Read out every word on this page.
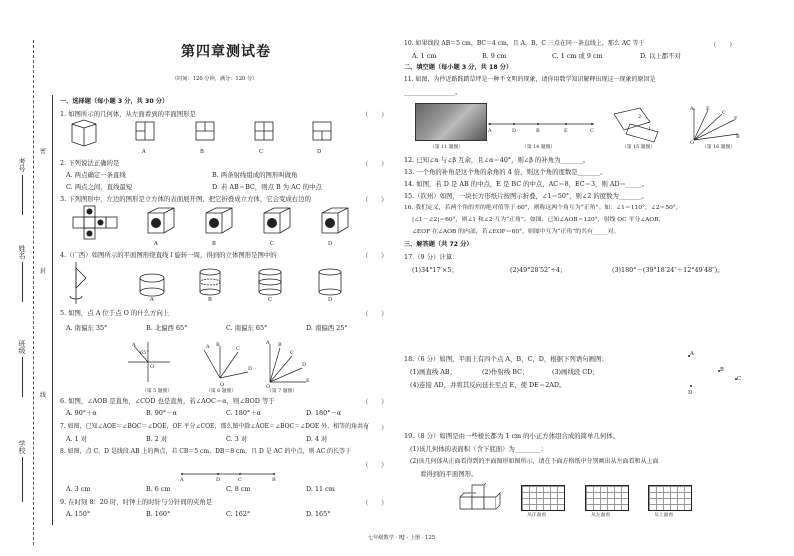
考号
姓名
班级
学校
密
封
线
第四章测试卷
（时间：120 分钟，满分：120 分）
一、选择题（每小题 3 分，共 30 分）
1. 如图所示的几何体，从左面看到的平面图形是	（　　）
A	B	C	D
2. 下列说法正确的是	（　　）
A. 两点确定一条直线	B. 两条射线组成的图形叫做角
C. 两点之间，直线最短	D. 若 AB＝BC，则点 B 为 AC 的中点
3. 下列图形中，左边的图形是立方体的表面展开图，把它折叠成立方体，它会变成右边的	（　　）
A	B	C	D
4.（广西）如图所示的平面图形绕直线 l 旋转一周，得到的立体图形是图中的	（　　）
A	B	C	D
5. 如图，点 A 位于点 O 的什么方向上	（　　）
A. 南偏东 35°	B. 北偏西 65°	C. 南偏东 65°	D. 南偏西 25°
A
O
65°
A	C
B
D
O
A B
C
D
E
O
（第 5 题图）	（第 6 题图）	（第 7 题图）
6. 如图，∠AOB 是直角，∠COD 也是直角，若∠AOC＝α，则∠BOD 等于	（　　）
A. 90°＋α	B. 90°－α	C. 180°＋α	D. 180°－α
7. 如图，已知∠AOE＝∠BOC＝∠DOE，OF 平分∠COE，那么图中除∠AOE＝∠BOC＝∠DOE 外，相等的角共有
（　　）
A. 1 对	B. 2 对	C. 3 对	D. 4 对
8. 如图，点 C，D 是线段 AB 上的两点，若 CB＝5 cm，DB＝8 cm，且 D 是 AC 的中点，则 AC 的长等于
（　　）
A	D	C	B
A. 3 cm	B. 6 cm	C. 8 cm	D. 11 cm
9. 在时刻 8：20 时，时钟上的时针与分针间的夹角是	（　　）
A. 150°	B. 160°	C. 162°	D. 165°
10. 如果线段 AB＝5 cm，BC＝4 cm，且 A，B，C 三点在同一条直线上，那么 AC 等于	（　　）
A. 1 cm	B. 9 cm	C. 1 cm 或 9 cm	D. 以上都不对
二、填空题（每小题 3 分，共 18 分）
11. 如图，为抄近路践踏草坪是一种不文明的现象，请你用数学知识解释出现这一现象的原因是
________________。
A	D	B	E	C
2
1
A E
C
F
B
O
（第 11 题图）	（第 14 题图）	（第 15 题图）	（第 16 题图）
12. 已知∠α 与∠β 互余，且∠α＝40°，则∠β 的补角为_______。
13. 一个角的补角是这个角的余角的 4 倍，则这个角的度数是_______。
14. 如图，若 D 是 AB 的中点，E 是 BC 的中点，AC＝8，EC＝3，则 AD＝_____。
15.（钦州）如图，一块长方形纸片按图示折叠，∠1＝50°，则∠2 的度数为_______。
16. 我们定义，若两个角的差的绝对值等于 60°，则称这两个角互为“正角”。如：∠1＝110°，∠2＝50°，
|∠1－∠2|＝60°，则∠1 和∠2 互为“正角”。如图，已知∠AOB＝120°，射线 OC 平分∠AOB，
∠EOF 在∠AOB 的内部，若∠EOF＝60°，则图中互为“正角”的共有_____对。
三、解答题（共 72 分）
17.（9 分）计算：
(1)34°17′×5；	(2)49°28′52″÷4；	(3)180°－(39°18′24″＋12°49′48″)。
18.（6 分）如图，平面上有四个点 A，B，C，D，根据下列语句画图：
(1)画直线 AB；	(2)作射线 BC；	(3)画线段 CD；
(4)连接 AD，并将其反向延长至点 E，使 DE＝2AD。
A
B
C
D
19.（8 分）如图是由一些棱长都为 1 cm 的小正方体组合成的简单几何体。
(1)该几何体的表面积（含下底面）为________；
(2)该几何体从正面看得到的平面图形如图所示，请在下面方格纸中分别画出从左面看和从上面
看得到的平面图形。
从正面看	从左面看	从上面看
七年级数学 · RJ · 上册 · 125
